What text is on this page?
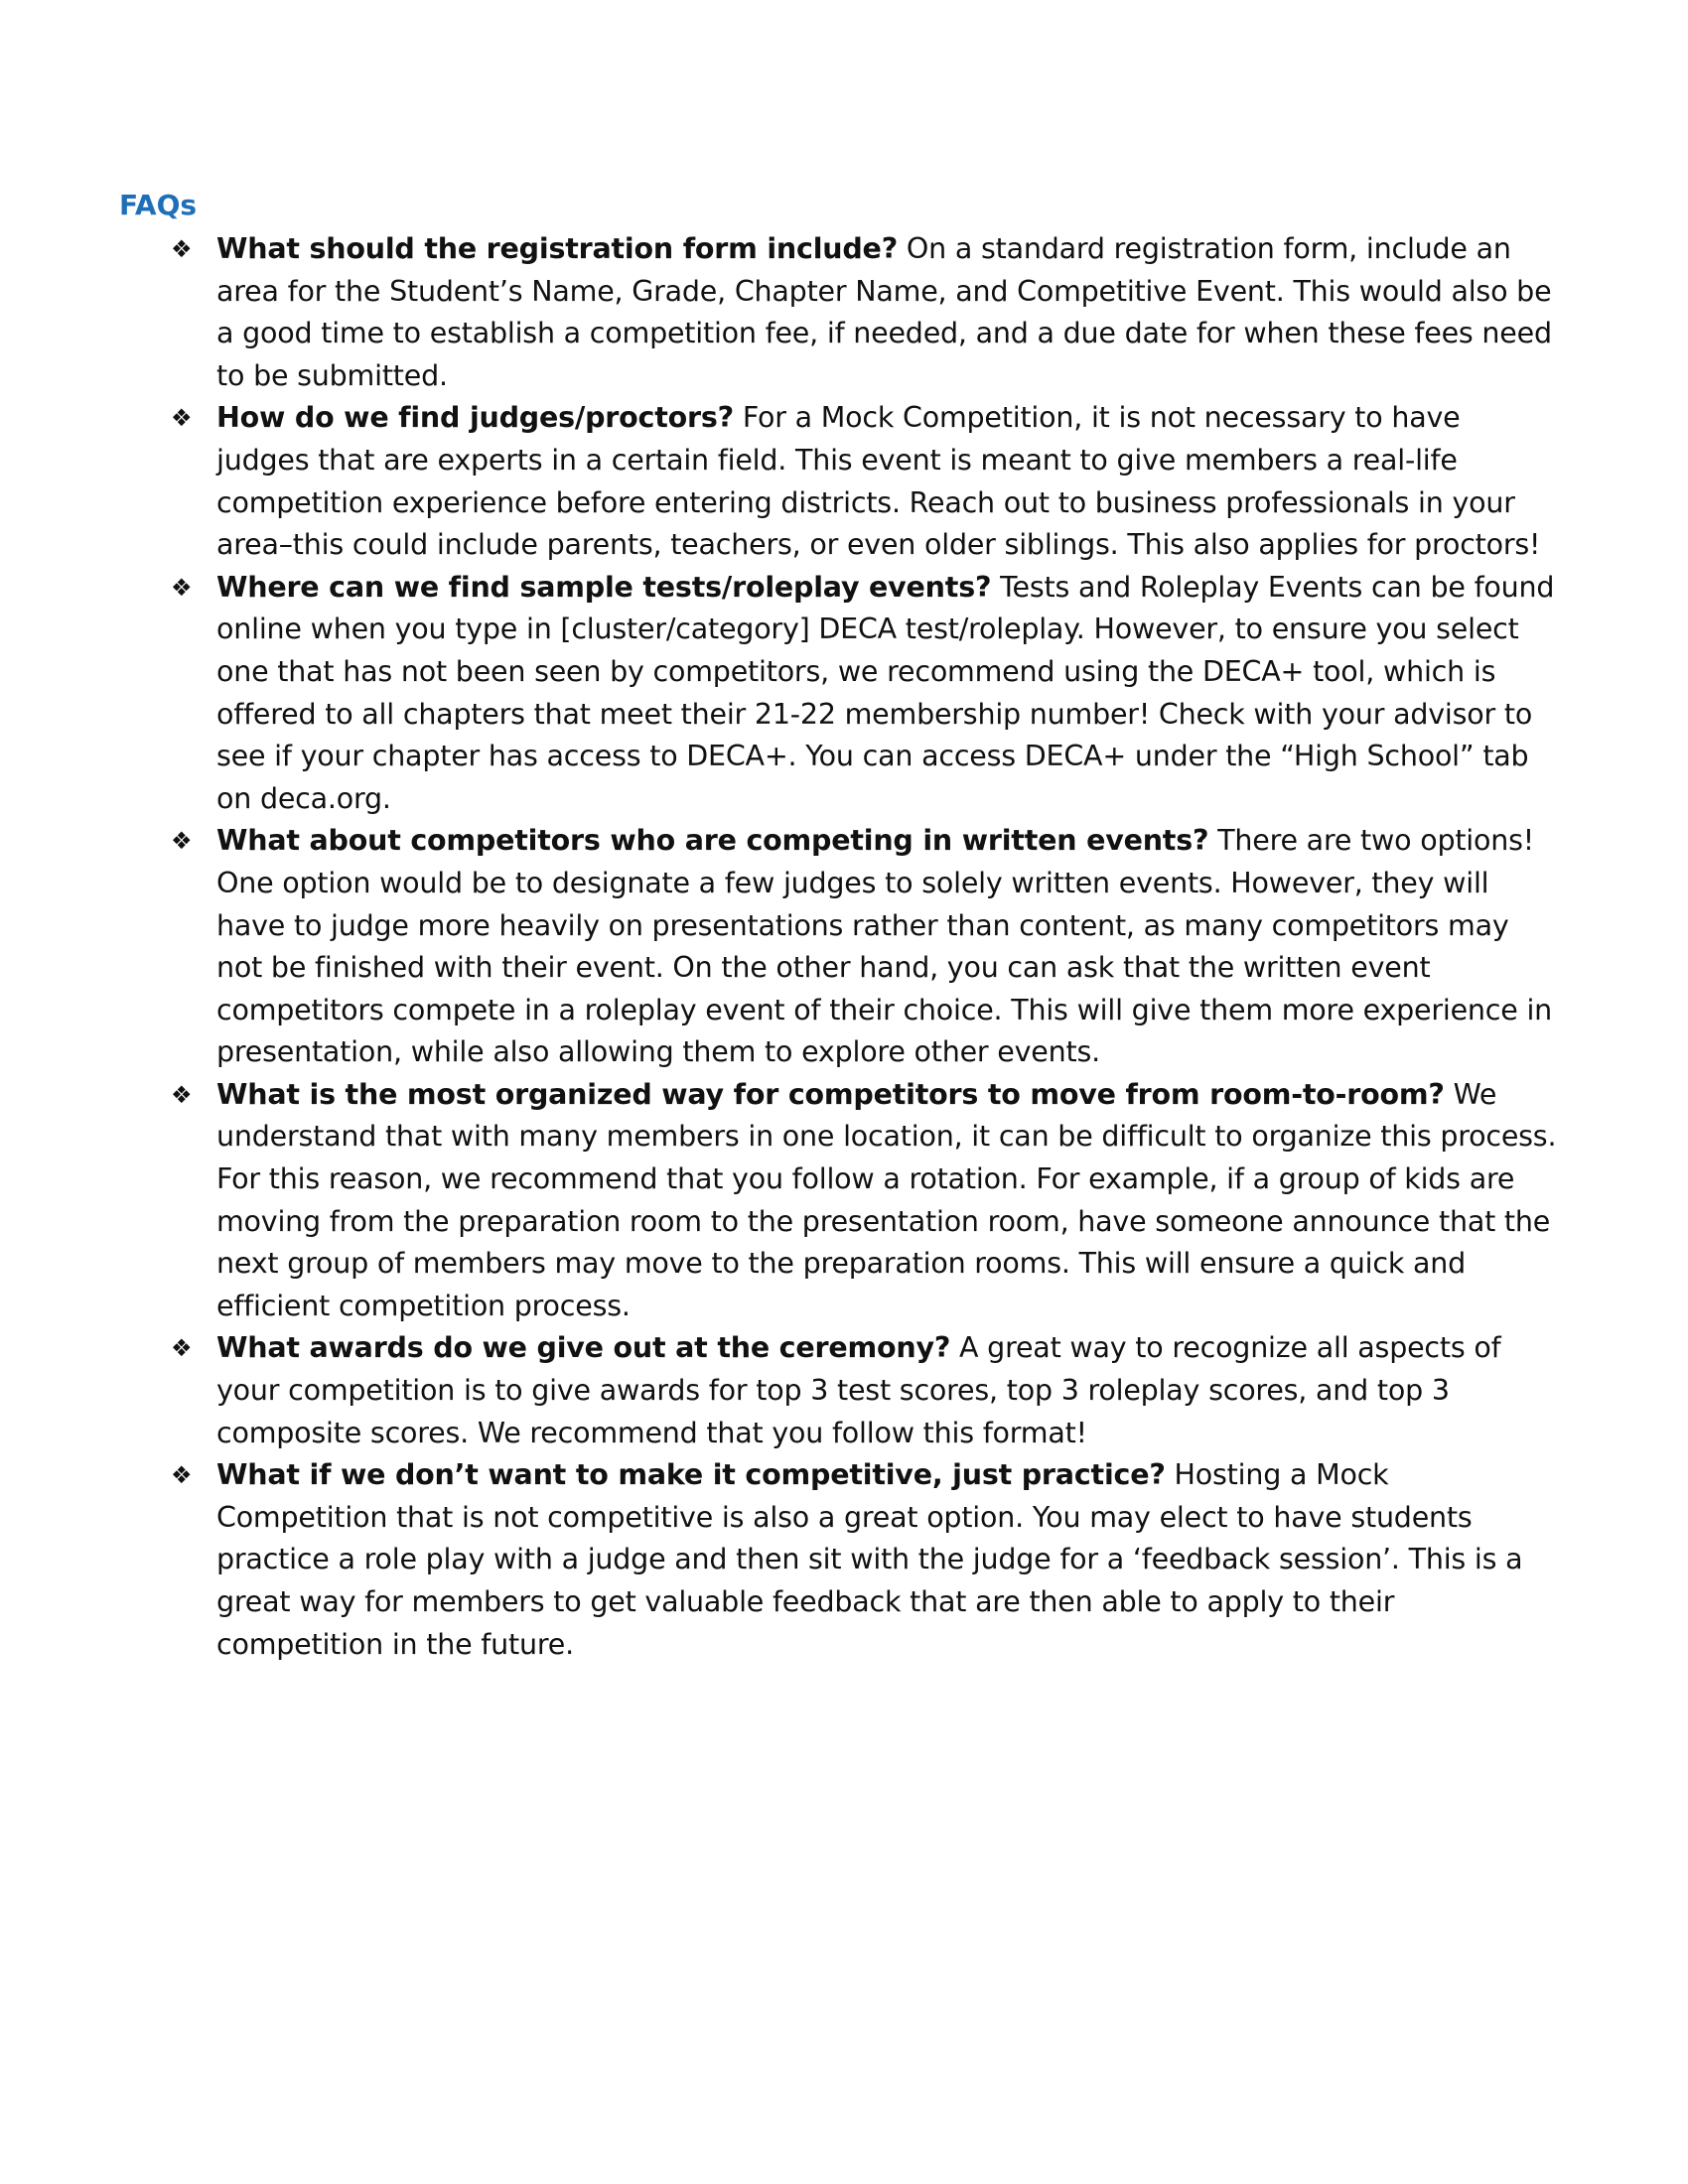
FAQs
❖ What should the registration form include? On a standard registration form, include an area for the Student’s Name, Grade, Chapter Name, and Competitive Event. This would also be a good time to establish a competition fee, if needed, and a due date for when these fees need to be submitted.
❖ How do we find judges/proctors? For a Mock Competition, it is not necessary to have judges that are experts in a certain field. This event is meant to give members a real-life competition experience before entering districts. Reach out to business professionals in your area–this could include parents, teachers, or even older siblings. This also applies for proctors!
❖ Where can we find sample tests/roleplay events? Tests and Roleplay Events can be found online when you type in [cluster/category] DECA test/roleplay. However, to ensure you select one that has not been seen by competitors, we recommend using the DECA+ tool, which is offered to all chapters that meet their 21-22 membership number! Check with your advisor to see if your chapter has access to DECA+. You can access DECA+ under the “High School” tab on deca.org.
❖ What about competitors who are competing in written events? There are two options! One option would be to designate a few judges to solely written events. However, they will have to judge more heavily on presentations rather than content, as many competitors may not be finished with their event. On the other hand, you can ask that the written event competitors compete in a roleplay event of their choice. This will give them more experience in presentation, while also allowing them to explore other events.
❖ What is the most organized way for competitors to move from room-to-room? We understand that with many members in one location, it can be difficult to organize this process. For this reason, we recommend that you follow a rotation. For example, if a group of kids are moving from the preparation room to the presentation room, have someone announce that the next group of members may move to the preparation rooms. This will ensure a quick and efficient competition process.
❖ What awards do we give out at the ceremony? A great way to recognize all aspects of your competition is to give awards for top 3 test scores, top 3 roleplay scores, and top 3 composite scores. We recommend that you follow this format!
❖ What if we don’t want to make it competitive, just practice? Hosting a Mock Competition that is not competitive is also a great option. You may elect to have students practice a role play with a judge and then sit with the judge for a ‘feedback session’. This is a great way for members to get valuable feedback that are then able to apply to their competition in the future.
